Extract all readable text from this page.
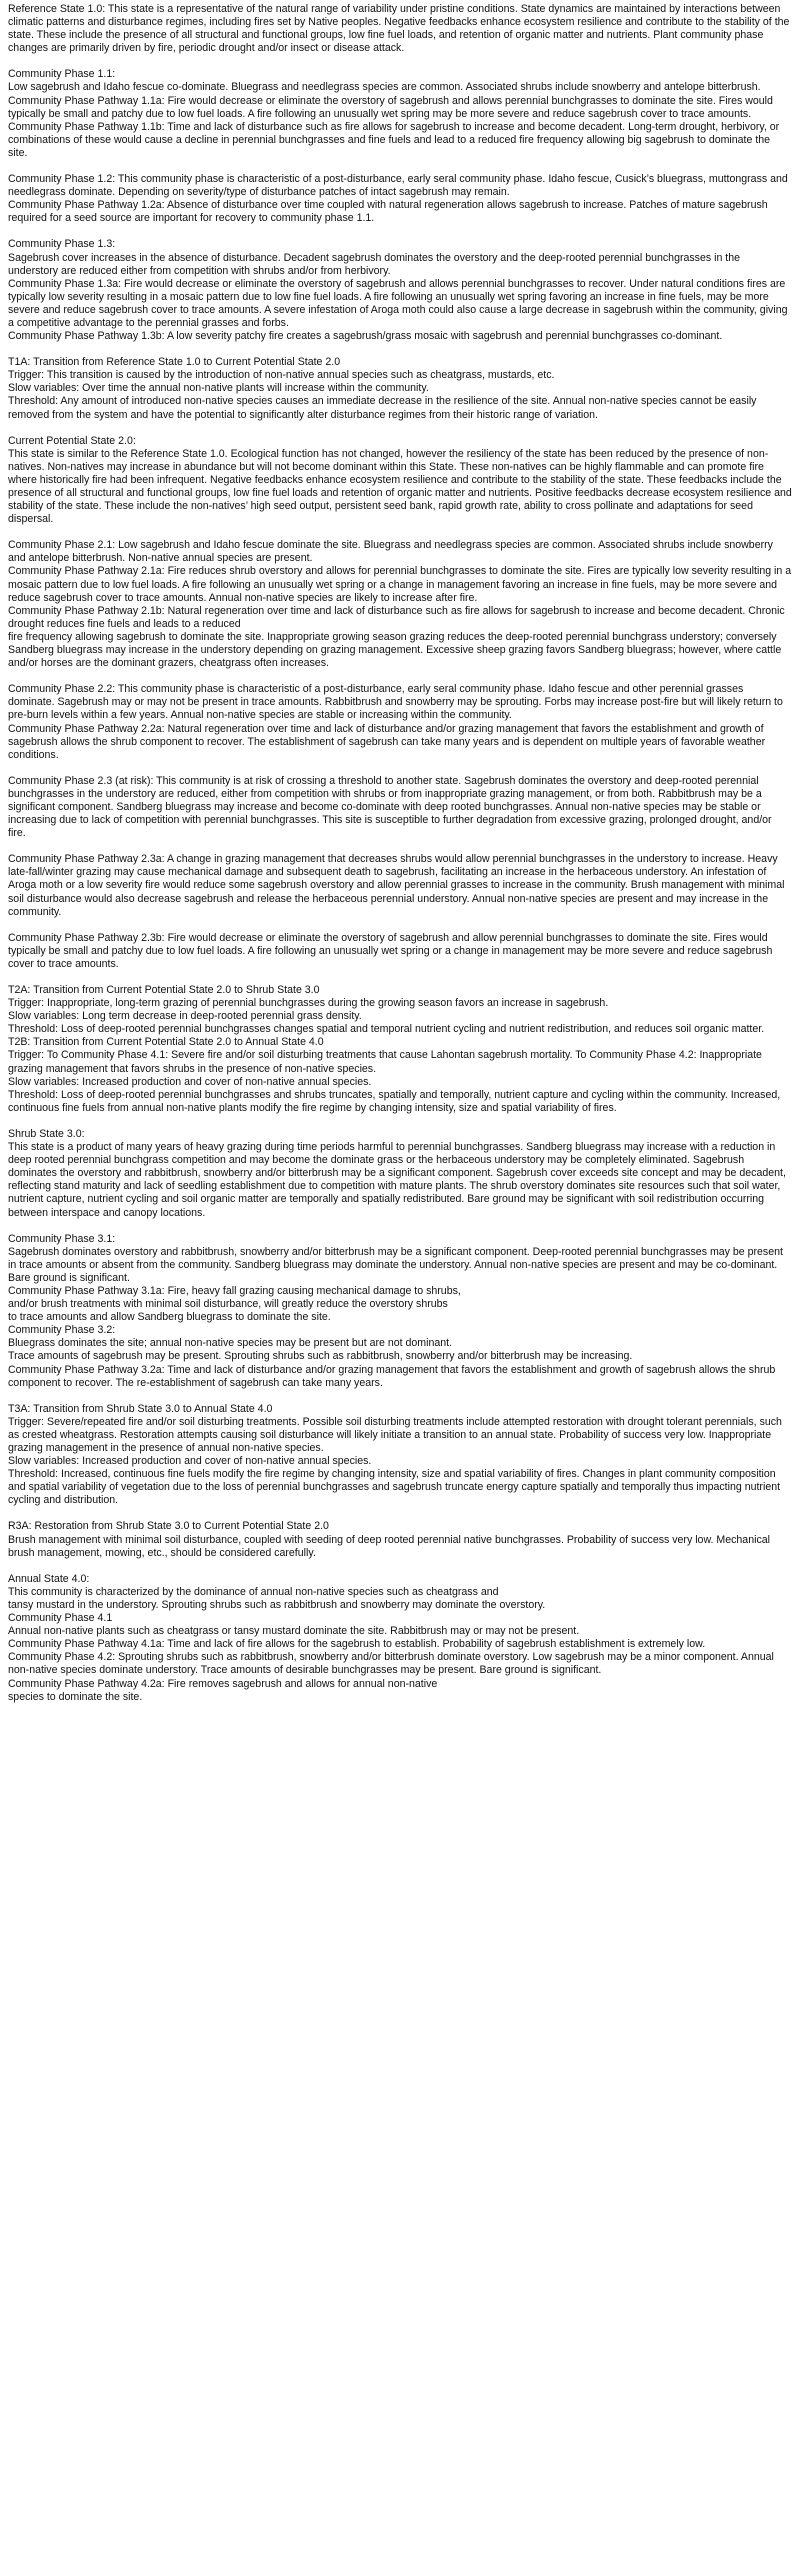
Reference State 1.0: This state is a representative of the natural range of variability under pristine conditions. State dynamics are maintained by interactions between climatic patterns and disturbance regimes, including fires set by Native peoples. Negative feedbacks enhance ecosystem resilience and contribute to the stability of the state. These include the presence of all structural and functional groups, low fine fuel loads, and retention of organic matter and nutrients. Plant community phase changes are primarily driven by fire, periodic drought and/or insect or disease attack.
Community Phase 1.1:
Low sagebrush and Idaho fescue co-dominate. Bluegrass and needlegrass species are common. Associated shrubs include snowberry and antelope bitterbrush.
Community Phase Pathway 1.1a: Fire would decrease or eliminate the overstory of sagebrush and allows perennial bunchgrasses to dominate the site. Fires would typically be small and patchy due to low fuel loads. A fire following an unusually wet spring may be more severe and reduce sagebrush cover to trace amounts.
Community Phase Pathway 1.1b: Time and lack of disturbance such as fire allows for sagebrush to increase and become decadent. Long-term drought, herbivory, or combinations of these would cause a decline in perennial bunchgrasses and fine fuels and lead to a reduced fire frequency allowing big sagebrush to dominate the site.
Community Phase 1.2: This community phase is characteristic of a post-disturbance, early seral community phase. Idaho fescue, Cusick’s bluegrass, muttongrass and needlegrass dominate. Depending on severity/type of disturbance patches of intact sagebrush may remain.
Community Phase Pathway 1.2a: Absence of disturbance over time coupled with natural regeneration allows sagebrush to increase. Patches of mature sagebrush required for a seed source are important for recovery to community phase 1.1.
Community Phase 1.3:
Sagebrush cover increases in the absence of disturbance. Decadent sagebrush dominates the overstory and the deep-rooted perennial bunchgrasses in the understory are reduced either from competition with shrubs and/or from herbivory.
Community Phase 1.3a: Fire would decrease or eliminate the overstory of sagebrush and allows perennial bunchgrasses to recover. Under natural conditions fires are typically low severity resulting in a mosaic pattern due to low fine fuel loads. A fire following an unusually wet spring favoring an increase in fine fuels, may be more severe and reduce sagebrush cover to trace amounts. A severe infestation of Aroga moth could also cause a large decrease in sagebrush within the community, giving a competitive advantage to the perennial grasses and forbs.
Community Phase Pathway 1.3b: A low severity patchy fire creates a sagebrush/grass mosaic with sagebrush and perennial bunchgrasses co-dominant.
T1A: Transition from Reference State 1.0 to Current Potential State 2.0
Trigger: This transition is caused by the introduction of non-native annual species such as cheatgrass, mustards, etc.
Slow variables: Over time the annual non-native plants will increase within the community.
Threshold: Any amount of introduced non-native species causes an immediate decrease in the resilience of the site. Annual non-native species cannot be easily removed from the system and have the potential to significantly alter disturbance regimes from their historic range of variation.
Current Potential State 2.0:
This state is similar to the Reference State 1.0. Ecological function has not changed, however the resiliency of the state has been reduced by the presence of non-natives. Non-natives may increase in abundance but will not become dominant within this State. These non-natives can be highly flammable and can promote fire where historically fire had been infrequent. Negative feedbacks enhance ecosystem resilience and contribute to the stability of the state. These feedbacks include the presence of all structural and functional groups, low fine fuel loads and retention of organic matter and nutrients. Positive feedbacks decrease ecosystem resilience and stability of the state. These include the non-natives’ high seed output, persistent seed bank, rapid growth rate, ability to cross pollinate and adaptations for seed dispersal.
Community Phase 2.1: Low sagebrush and Idaho fescue dominate the site. Bluegrass and needlegrass species are common. Associated shrubs include snowberry and antelope bitterbrush. Non-native annual species are present.
Community Phase Pathway 2.1a: Fire reduces shrub overstory and allows for perennial bunchgrasses to dominate the site. Fires are typically low severity resulting in a mosaic pattern due to low fuel loads. A fire following an unusually wet spring or a change in management favoring an increase in fine fuels, may be more severe and reduce sagebrush cover to trace amounts. Annual non-native species are likely to increase after fire.
Community Phase Pathway 2.1b: Natural regeneration over time and lack of disturbance such as fire allows for sagebrush to increase and become decadent. Chronic drought reduces fine fuels and leads to a reduced
fire frequency allowing sagebrush to dominate the site. Inappropriate growing season grazing reduces the deep-rooted perennial bunchgrass understory; conversely Sandberg bluegrass may increase in the understory depending on grazing management. Excessive sheep grazing favors Sandberg bluegrass; however, where cattle and/or horses are the dominant grazers, cheatgrass often increases.
Community Phase 2.2: This community phase is characteristic of a post-disturbance, early seral community phase. Idaho fescue and other perennial grasses dominate. Sagebrush may or may not be present in trace amounts. Rabbitbrush and snowberry may be sprouting. Forbs may increase post-fire but will likely return to pre-burn levels within a few years. Annual non-native species are stable or increasing within the community.
Community Phase Pathway 2.2a: Natural regeneration over time and lack of disturbance and/or grazing management that favors the establishment and growth of sagebrush allows the shrub component to recover. The establishment of sagebrush can take many years and is dependent on multiple years of favorable weather conditions.
Community Phase 2.3 (at risk): This community is at risk of crossing a threshold to another state. Sagebrush dominates the overstory and deep-rooted perennial bunchgrasses in the understory are reduced, either from competition with shrubs or from inappropriate grazing management, or from both. Rabbitbrush may be a significant component. Sandberg bluegrass may increase and become co-dominate with deep rooted bunchgrasses. Annual non-native species may be stable or increasing due to lack of competition with perennial bunchgrasses. This site is susceptible to further degradation from excessive grazing, prolonged drought, and/or fire.
Community Phase Pathway 2.3a: A change in grazing management that decreases shrubs would allow perennial bunchgrasses in the understory to increase. Heavy late-fall/winter grazing may cause mechanical damage and subsequent death to sagebrush, facilitating an increase in the herbaceous understory. An infestation of Aroga moth or a low severity fire would reduce some sagebrush overstory and allow perennial grasses to increase in the community. Brush management with minimal soil disturbance would also decrease sagebrush and release the herbaceous perennial understory. Annual non-native species are present and may increase in the community.
Community Phase Pathway 2.3b: Fire would decrease or eliminate the overstory of sagebrush and allow perennial bunchgrasses to dominate the site. Fires would typically be small and patchy due to low fuel loads. A fire following an unusually wet spring or a change in management may be more severe and reduce sagebrush cover to trace amounts.
T2A: Transition from Current Potential State 2.0 to Shrub State 3.0
Trigger: Inappropriate, long-term grazing of perennial bunchgrasses during the growing season favors an increase in sagebrush.
Slow variables: Long term decrease in deep-rooted perennial grass density.
Threshold: Loss of deep-rooted perennial bunchgrasses changes spatial and temporal nutrient cycling and nutrient redistribution, and reduces soil organic matter.
T2B: Transition from Current Potential State 2.0 to Annual State 4.0
Trigger: To Community Phase 4.1: Severe fire and/or soil disturbing treatments that cause Lahontan sagebrush mortality. To Community Phase 4.2: Inappropriate grazing management that favors shrubs in the presence of non-native species.
Slow variables: Increased production and cover of non-native annual species.
Threshold: Loss of deep-rooted perennial bunchgrasses and shrubs truncates, spatially and temporally, nutrient capture and cycling within the community. Increased, continuous fine fuels from annual non-native plants modify the fire regime by changing intensity, size and spatial variability of fires.
Shrub State 3.0:
This state is a product of many years of heavy grazing during time periods harmful to perennial bunchgrasses. Sandberg bluegrass may increase with a reduction in deep rooted perennial bunchgrass competition and may become the dominate grass or the herbaceous understory may be completely eliminated. Sagebrush dominates the overstory and rabbitbrush, snowberry and/or bitterbrush may be a significant component. Sagebrush cover exceeds site concept and may be decadent, reflecting stand maturity and lack of seedling establishment due to competition with mature plants. The shrub overstory dominates site resources such that soil water, nutrient capture, nutrient cycling and soil organic matter are temporally and spatially redistributed. Bare ground may be significant with soil redistribution occurring between interspace and canopy locations.
Community Phase 3.1:
Sagebrush dominates overstory and rabbitbrush, snowberry and/or bitterbrush may be a significant component. Deep-rooted perennial bunchgrasses may be present in trace amounts or absent from the community. Sandberg bluegrass may dominate the understory. Annual non-native species are present and may be co-dominant. Bare ground is significant.
Community Phase Pathway 3.1a: Fire, heavy fall grazing causing mechanical damage to shrubs,
and/or brush treatments with minimal soil disturbance, will greatly reduce the overstory shrubs
to trace amounts and allow Sandberg bluegrass to dominate the site.
Community Phase 3.2:
Bluegrass dominates the site; annual non-native species may be present but are not dominant.
Trace amounts of sagebrush may be present. Sprouting shrubs such as rabbitbrush, snowberry and/or bitterbrush may be increasing.
Community Phase Pathway 3.2a: Time and lack of disturbance and/or grazing management that favors the establishment and growth of sagebrush allows the shrub component to recover. The re-establishment of sagebrush can take many years.
T3A: Transition from Shrub State 3.0 to Annual State 4.0
Trigger: Severe/repeated fire and/or soil disturbing treatments. Possible soil disturbing treatments include attempted restoration with drought tolerant perennials, such as crested wheatgrass. Restoration attempts causing soil disturbance will likely initiate a transition to an annual state. Probability of success very low. Inappropriate grazing management in the presence of annual non-native species.
Slow variables: Increased production and cover of non-native annual species.
Threshold: Increased, continuous fine fuels modify the fire regime by changing intensity, size and spatial variability of fires. Changes in plant community composition and spatial variability of vegetation due to the loss of perennial bunchgrasses and sagebrush truncate energy capture spatially and temporally thus impacting nutrient cycling and distribution.
R3A: Restoration from Shrub State 3.0 to Current Potential State 2.0
Brush management with minimal soil disturbance, coupled with seeding of deep rooted perennial native bunchgrasses. Probability of success very low. Mechanical brush management, mowing, etc., should be considered carefully.
Annual State 4.0:
This community is characterized by the dominance of annual non-native species such as cheatgrass and
tansy mustard in the understory. Sprouting shrubs such as rabbitbrush and snowberry may dominate the overstory.
Community Phase 4.1
Annual non-native plants such as cheatgrass or tansy mustard dominate the site. Rabbitbrush may or may not be present.
Community Phase Pathway 4.1a: Time and lack of fire allows for the sagebrush to establish. Probability of sagebrush establishment is extremely low.
Community Phase 4.2: Sprouting shrubs such as rabbitbrush, snowberry and/or bitterbrush dominate overstory. Low sagebrush may be a minor component. Annual non-native species dominate understory. Trace amounts of desirable bunchgrasses may be present. Bare ground is significant.
Community Phase Pathway 4.2a: Fire removes sagebrush and allows for annual non-native
species to dominate the site.
